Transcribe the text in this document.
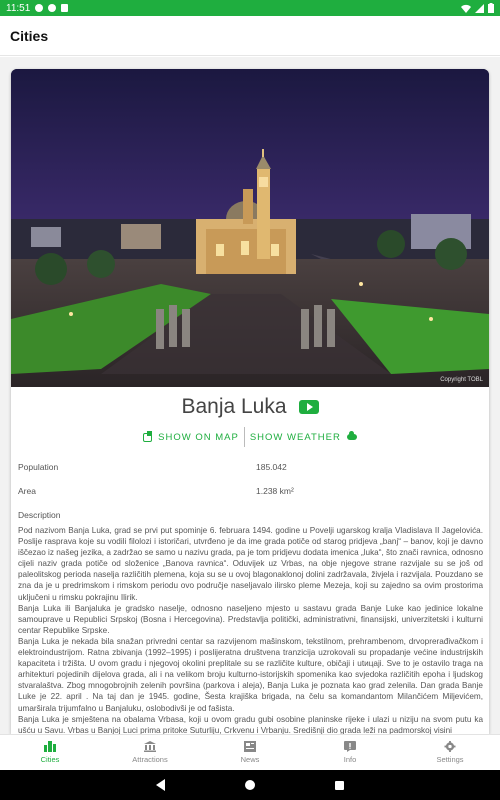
11:51
Cities
Copyright TOBL
Banja Luka
SHOW ON MAP SHOW WEATHER
Population	185.042
Area	1.238 km²
Description

Pod nazivom Banja Luka, grad se prvi put spominje 6. februara 1494. godine u Povelji ugarskog kralja Vladislava II Jagelovića. Poslije rasprava koje su vodili filolozi i istoričari, utvrđeno je da ime grada potiče od starog pridjeva „banj“ – banov, koji je davno iščezao iz našeg jezika, a zadržao se samo u nazivu grada, pa je tom pridjevu dodata imenica „luka“, što znači ravnica, odnosno cijeli naziv grada potiče od složenice „Banova ravnica“. Oduvijek uz Vrbas, na obje njegove strane razvijale su se još od paleolitskog perioda naselja različitih plemena, koja su se u ovoj blagonaklonoj dolini zadržavala, živjela i razvijala. Pouzdano se zna da je u predrimskom i rimskom periodu ovo područje naseljavalo ilirsko pleme Mezeja, koji su zajedno sa ovim prostorima uključeni u rimsku pokrajinu Ilirik.

Banja Luka ili Banjaluka je gradsko naselje, odnosno naseljeno mjesto u sastavu grada Banje Luke kao jedinice lokalne samouprave u Republici Srpskoj (Bosna i Hercegovina). Predstavlja politički, administrativni, finansijski, univerzitetski i kulturni centar Republike Srpske.

Banja Luka je nekada bila snažan privredni centar sa razvijenom mašinskom, tekstilnom, prehrambenom, drvoprerađivačkom i elektroindustrijom. Ratna zbivanja (1992–1995) i poslijeratna društvena tranzicija uzrokovali su propadanje većine industrijskih kapaciteta i tržišta. U ovom gradu i njegovoj okolini preplitale su se različite kulture, običaji i utицaji. Sve to je ostavilo traga na arhitekturi pojedinih dijelova grada, ali i na velikom broju kulturno-istorijskih spomenika kao svjedoka različitih epoha i ljudskog stvaralaštva. Zbog mnogobrojnih zelenih površina (parkova i aleja), Banja Luka je poznata kao grad zelenila. Dan grada Banje Luke je 22. april . Na taj dan je 1945. godine, Šesta krajiška brigada, na čelu sa komandantom Milančićem Miljevićem, umarširala trijumfalno u Banjaluku, oslobodivši je od fašista.

Banja Luka je smještena na obalama Vrbasa, koji u ovom gradu gubi osobine planinske rijeke i ulazi u niziju na svom putu ka ušću u Savu. Vrbas u Banjoj Luci prima pritoke Suturliju, Crkvenu i Vrbanju. Središnji dio grada leži na padmorskoj visini

Cities	Attractions	News	Info	Settings
